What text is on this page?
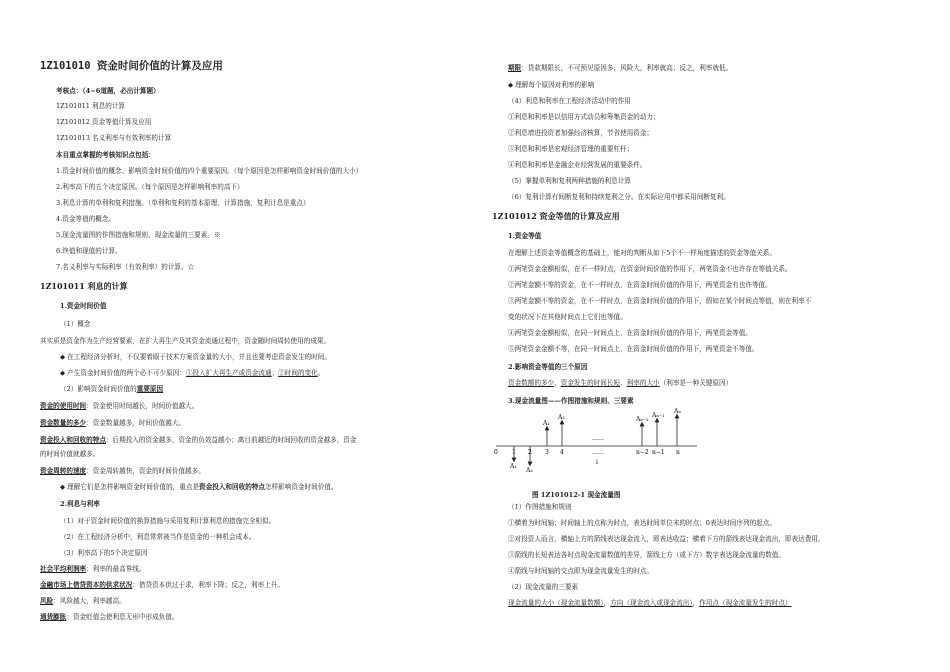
1Z101010 资金时间价值的计算及应用
考核点：（4~6道题，必出计算题）
1Z101011 利息的计算
1Z101012 资金等值计算及应用
1Z101013 名义利率与有效利率的计算
本目重点掌握的考核知识点包括：
1.资金时间价值的概念、影响资金时间价值的四个重要原因。（每个原因是怎样影响资金时间价值的大小）
2.利率高下的五个决定原因。（每个原因是怎样影响利率的高下）
3.利息计算的单利和复利措施。（单利和复利的基本原理、计算措施，复利计息是重点）
4.资金等值的概念。
5.现金流量图的作图措施和规则、现金流量的三要素。※
6.终值和现值的计算。
7.名义利率与实际利率（有效利率）的计算。☆
1Z101011 利息的计算
1.资金时间价值
（1）概念
其实质是资金作为生产经营要素，在扩大再生产及其资金流通过程中，资金随时间周转使用的成果。
◆ 在工程经济分析时，不仅要着眼于技术方案资金量的大小，并且也要考虑资金发生的时间。
◆ 产生资金时间价值的两个必不可少原因：①投入扩大再生产或资金流通；②时间的变化。
（2）影响资金时间价值的重要原因
资金的使用时间：资金使用时间越长，时间价值越大。
资金数量的多少：资金数量越多，时间价值越大。
资金投入和回收的特点：后期投入的资金越多，资金的负效益越小；离目前越近的时间回收的资金越多，资金
的时间价值就越多。
资金周转的速度：资金周转越快，资金的时间价值越多。
◆ 理解它们是怎样影响资金时间价值的，重点是资金投入和回收的特点怎样影响资金时间价值。
2.利息与利率
（1）对于资金时间价值的换算措施与采用复利计算利息的措施完全相似。
（2）在工程经济分析中，利息常常被当作是资金的一种机会成本。
（3）利率高下的5个决定原因
社会平均利润率：利率的最高界线。
金融市场上借贷资本的供求状况：借贷资本供过于求，利率下降；反之，利率上升。
风险：风险越大，利率越高。
通货膨胀：资金贬值会使利息无形中形成负值。
期限：贷款期限长，不可预见原因多，风险大，利率就高；反之，利率就低。
◆ 理解每个原因对利率的影响
（4）利息和利率在工程经济活动中的作用
①利息和利率是以信用方式动员和筹集资金的动力；
②利息增进投资者加强经济核算，节省使用资金；
③利息和利率是宏观经济管理的重要杠杆；
④利息和利率是金融企业经营发展的重要条件。
（5）掌握单利和复利两种措施的利息计算
（6）复利计算有间断复利和持续复利之分。在实际应用中都采用间断复利。
1Z101012 资金等值的计算及应用
1.资金等值
在理解上述资金等值概念的基础上，能对的判断从如下5个不一样角度描述的资金等值关系。
①两笔资金金额相似，在不一样时点，在资金时间价值的作用下，两笔资金不也许存在等值关系。
②两笔金额不等的资金，在不一样时点，在资金时间价值的作用下，两笔资金有也许等值。
③两笔金额不等的资金，在不一样时点，在资金时间价值的作用下，假如在某个时间点等值，则在利率不
变的状况下在其他时间点上它们也等值。
④两笔资金金额相似，在同一时间点上，在资金时间价值的作用下，两笔资金等值。
⑤两笔资金金额不等，在同一时间点上，在资金时间价值的作用下，两笔资金不等值。
2.影响资金等值的三个原因
资金数额的多少、资金发生的时间长短、利率的大小（利率是一种关键原因）
3.现金流量图——作图措施和规则、三要素
A₁
A₂	Aₙ₋₂
Aₙ₋₁
Aₙ
……
0 1 2 3 4	n−2 n−1 n
……
A₁
A₂
i
图 1Z101012-1 现金流量图
（1）作图措施和规则
①横着为时间轴；时间轴上的点称为时点，表达时间单位末的时点；0表达时间序列的起点。
②对投资人而言，横轴上方的箭线表达现金流入，即表达收益；横着下方的箭线表达现金流出，即表达费用。
③箭线的长短表达各时点现金流量数值的差异，箭线上方（或下方）数字表达现金流量的数值。
④箭线与时间轴的交点即为现金流量发生的时点。
（2）现金流量的三要素
现金流量的大小（现金流量数额），方向（现金流入或现金流出），作用点（现金流量发生的时点）
